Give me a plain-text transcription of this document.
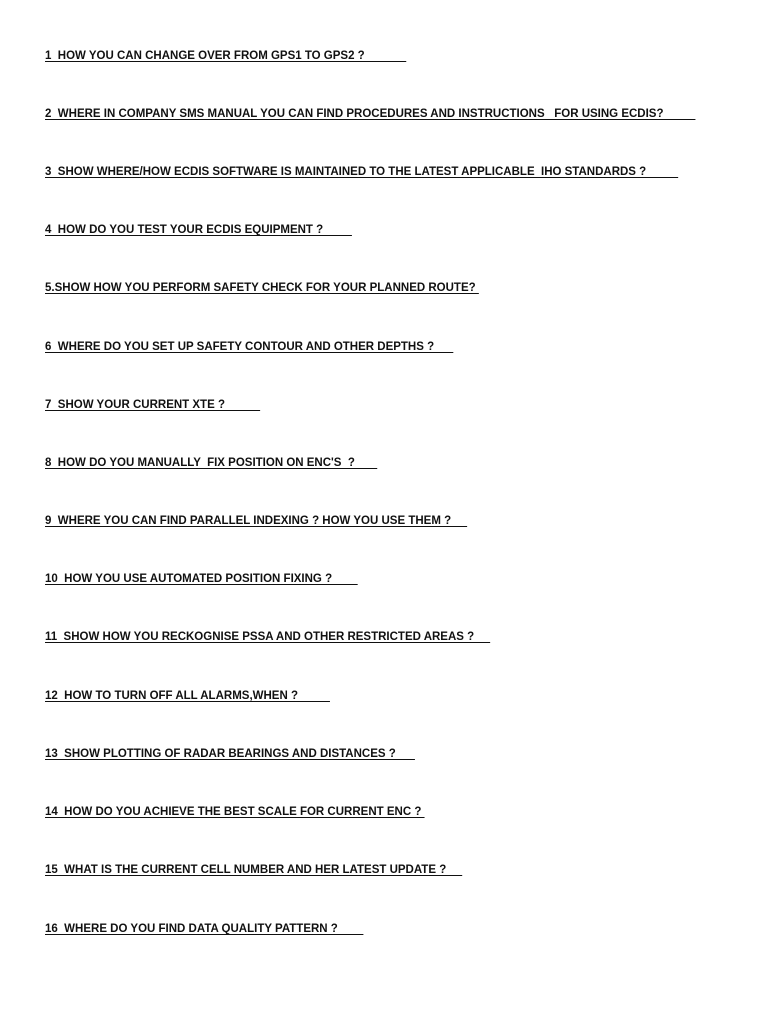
1  HOW YOU CAN CHANGE OVER FROM GPS1 TO GPS2 ?

2  WHERE IN COMPANY SMS MANUAL YOU CAN FIND PROCEDURES AND INSTRUCTIONS   FOR USING ECDIS?

3  SHOW WHERE/HOW ECDIS SOFTWARE IS MAINTAINED TO THE LATEST APPLICABLE  IHO STANDARDS ?

4  HOW DO YOU TEST YOUR ECDIS EQUIPMENT ?

5.SHOW HOW YOU PERFORM SAFETY CHECK FOR YOUR PLANNED ROUTE?

6  WHERE DO YOU SET UP SAFETY CONTOUR AND OTHER DEPTHS ?

7  SHOW YOUR CURRENT XTE ?

8  HOW DO YOU MANUALLY  FIX POSITION ON ENC'S  ?

9  WHERE YOU CAN FIND PARALLEL INDEXING ? HOW YOU USE THEM ?

10  HOW YOU USE AUTOMATED POSITION FIXING ?

11  SHOW HOW YOU RECKOGNISE PSSA AND OTHER RESTRICTED AREAS ?

12  HOW TO TURN OFF ALL ALARMS,WHEN ?

13  SHOW PLOTTING OF RADAR BEARINGS AND DISTANCES ?

14  HOW DO YOU ACHIEVE THE BEST SCALE FOR CURRENT ENC ?

15  WHAT IS THE CURRENT CELL NUMBER AND HER LATEST UPDATE ?

16  WHERE DO YOU FIND DATA QUALITY PATTERN ?
